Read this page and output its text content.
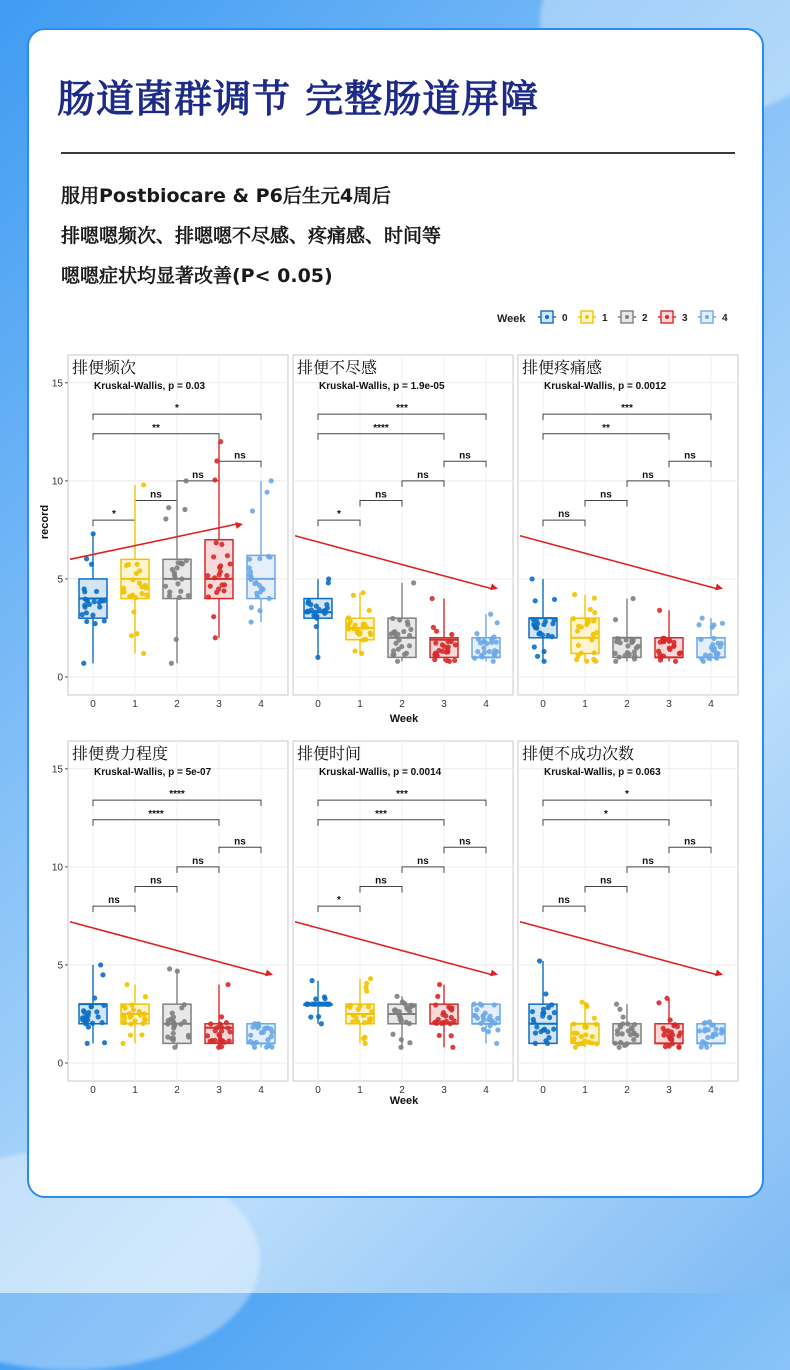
肠道菌群调节 完整肠道屏障
服用Postbiocare & P6后生元4周后
排嗯嗯频次、排嗯嗯不尽感、疼痛感、时间等
嗯嗯症状均显著改善(P< 0.05)
Week	0	1	2	3	4
0
5
10
15
0	1	2	3	4
排便频次
Kruskal-Wallis, p = 0.03
*
ns
ns
ns
**
*
0	1	2	3	4
排便不尽感
Kruskal-Wallis, p = 1.9e-05
*
ns
ns
ns
****
***
0	1	2	3	4
排便疼痛感
Kruskal-Wallis, p = 0.0012
ns
ns
ns
ns
**
***
0
5
10
15
0	1	2	3	4
排便费力程度
Kruskal-Wallis, p = 5e-07
ns
ns
ns
ns
****
****
0	1	2	3	4
排便时间
Kruskal-Wallis, p = 0.0014
*
ns
ns
ns
***
***
0	1	2	3	4
排便不成功次数
Kruskal-Wallis, p = 0.063
ns
ns
ns
ns
*
*
Week
Week
record
